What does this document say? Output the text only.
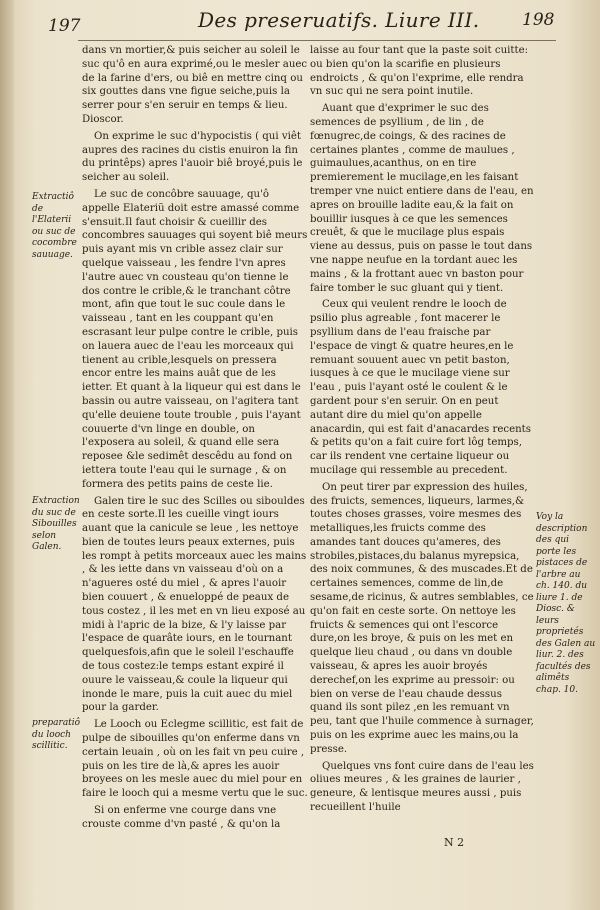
197	Des preseruatifs. Liure III. 198
Extractiô de l'Elaterii ou suc de cocombre sauuage.
Extraction du suc de Sibouilles selon Galen.
preparatiô du looch scillitic.
Voy la description des qui porte les pistaces de l'arbre au ch. 140. du liure 1. de Diosc. & leurs proprietés des Galen au liur. 2. des facultés des alimêts chap. 10.

dans vn mortier,& puis seicher au soleil le suc qu'ô en aura exprimé,ou le mesler auec de la farine d'ers, ou biê en mettre cinq ou six gouttes dans vne figue seiche,puis la serrer pour s'en seruir en temps & lieu. Dioscor.

On exprime le suc d'hypocistis ( qui viêt aupres des racines du cistis enuiron la fin du printêps) apres l'auoir biê broyé,puis le seicher au soleil.

Le suc de concôbre sauuage, qu'ô appelle Elateriũ doit estre amassé comme s'ensuit.Il faut choisir & cueillir des concombres sauuages qui soyent biê meurs puis ayant mis vn crible assez clair sur quelque vaisseau , les fendre l'vn apres l'autre auec vn cousteau qu'on tienne le dos contre le crible,& le tranchant côtre mont, afin que tout le suc coule dans le vaisseau , tant en les couppant qu'en escrasant leur pulpe contre le crible, puis on lauera auec de l'eau les morceaux qui tienent au crible,lesquels on pressera encor entre les mains auât que de les ietter. Et quant à la liqueur qui est dans le bassin ou autre vaisseau, on l'agitera tant qu'elle deuiene toute trouble , puis l'ayant couuerte d'vn linge en double, on l'exposera au soleil, & quand elle sera reposee &le sedimêt descêdu au fond on iettera toute l'eau qui le surnage , & on formera des petits pains de ceste lie.

Galen tire le suc des Scilles ou sibouldes en ceste sorte.Il les cueille vingt iours auant que la canicule se leue , les nettoye bien de toutes leurs peaux externes, puis les rompt à petits morceaux auec les mains , & les iette dans vn vaisseau d'où on a n'agueres osté du miel , & apres l'auoir bien couuert , & enueloppé de peaux de tous costez , il les met en vn lieu exposé au midi à l'apric de la bize, & l'y laisse par l'espace de quarâte iours, en le tournant quelquesfois,afin que le soleil l'eschauffe de tous costez:le temps estant expiré il ouure le vaisseau,& coule la liqueur qui inonde le mare, puis la cuit auec du miel pour la garder.

Le Looch ou Eclegme scillitic, est fait de pulpe de sibouilles qu'on enferme dans vn certain leuain , où on les fait vn peu cuire , puis on les tire de là,& apres les auoir broyees on les mesle auec du miel pour en faire le looch qui a mesme vertu que le suc.

Si on enferme vne courge dans vne crouste comme d'vn pasté , & qu'on la

laisse au four tant que la paste soit cuitte: ou bien qu'on la scarifie en plusieurs endroicts , & qu'on l'exprime, elle rendra vn suc qui ne sera point inutile.

Auant que d'exprimer le suc des semences de psyllium , de lin , de fœnugrec,de coings, & des racines de certaines plantes , comme de maulues , guimaulues,acanthus, on en tire premierement le mucilage,en les faisant tremper vne nuict entiere dans de l'eau, en apres on brouille ladite eau,& la fait on bouillir iusques à ce que les semences creuêt, & que le mucilage plus espais viene au dessus, puis on passe le tout dans vne nappe neufue en la tordant auec les mains , & la frottant auec vn baston pour faire tomber le suc gluant qui y tient.

Ceux qui veulent rendre le looch de psilio plus agreable , font macerer le psyllium dans de l'eau fraische par l'espace de vingt & quatre heures,en le remuant souuent auec vn petit baston, iusques à ce que le mucilage viene sur l'eau , puis l'ayant osté le coulent & le gardent pour s'en seruir. On en peut autant dire du miel qu'on appelle anacardin, qui est fait d'anacardes recents & petits qu'on a fait cuire fort lôg temps, car ils rendent vne certaine liqueur ou mucilage qui ressemble au precedent.

On peut tirer par expression des huiles, des fruicts, semences, liqueurs, larmes,& toutes choses grasses, voire mesmes des metalliques,les fruicts comme des amandes tant douces qu'ameres, des strobiles,pistaces,du balanus myrepsica, des noix communes, & des muscades.Et de certaines semences, comme de lin,de sesame,de ricinus, & autres semblables, ce qu'on fait en ceste sorte. On nettoye les fruicts & semences qui ont l'escorce dure,on les broye, & puis on les met en quelque lieu chaud , ou dans vn double vaisseau, & apres les auoir broyés derechef,on les exprime au pressoir: ou bien on verse de l'eau chaude dessus quand ils sont pilez ,en les remuant vn peu, tant que l'huile commence à surnager, puis on les exprime auec les mains,ou la presse.

Quelques vns font cuire dans de l'eau les oliues meures , & les graines de laurier , geneure, & lentisque meures aussi , puis recueillent l'huile

N 2
